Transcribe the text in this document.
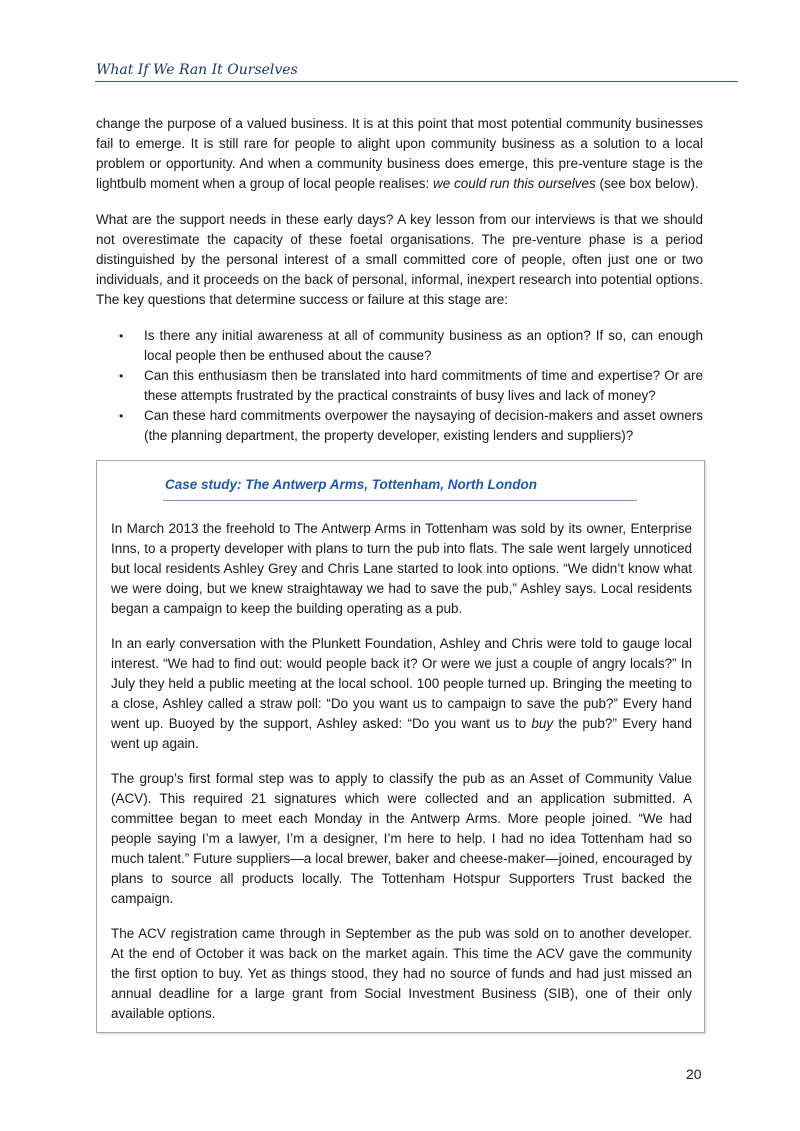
What If We Ran It Ourselves

change the purpose of a valued business. It is at this point that most potential community businesses fail to emerge. It is still rare for people to alight upon community business as a solution to a local problem or opportunity. And when a community business does emerge, this pre-venture stage is the lightbulb moment when a group of local people realises: we could run this ourselves (see box below).

What are the support needs in these early days? A key lesson from our interviews is that we should not overestimate the capacity of these foetal organisations. The pre-venture phase is a period distinguished by the personal interest of a small committed core of people, often just one or two individuals, and it proceeds on the back of personal, informal, inexpert research into potential options. The key questions that determine success or failure at this stage are:

• Is there any initial awareness at all of community business as an option? If so, can enough local people then be enthused about the cause?
• Can this enthusiasm then be translated into hard commitments of time and expertise? Or are these attempts frustrated by the practical constraints of busy lives and lack of money?
• Can these hard commitments overpower the naysaying of decision-makers and asset owners (the planning department, the property developer, existing lenders and suppliers)?
Case study: The Antwerp Arms, Tottenham, North London

In March 2013 the freehold to The Antwerp Arms in Tottenham was sold by its owner, Enterprise Inns, to a property developer with plans to turn the pub into flats. The sale went largely unnoticed but local residents Ashley Grey and Chris Lane started to look into options. “We didn’t know what we were doing, but we knew straightaway we had to save the pub,” Ashley says. Local residents began a campaign to keep the building operating as a pub.

In an early conversation with the Plunkett Foundation, Ashley and Chris were told to gauge local interest. “We had to find out: would people back it? Or were we just a couple of angry locals?” In July they held a public meeting at the local school. 100 people turned up. Bringing the meeting to a close, Ashley called a straw poll: “Do you want us to campaign to save the pub?” Every hand went up. Buoyed by the support, Ashley asked: “Do you want us to buy the pub?” Every hand went up again.

The group’s first formal step was to apply to classify the pub as an Asset of Community Value (ACV). This required 21 signatures which were collected and an application submitted. A committee began to meet each Monday in the Antwerp Arms. More people joined. “We had people saying I’m a lawyer, I’m a designer, I’m here to help. I had no idea Tottenham had so much talent.” Future suppliers—a local brewer, baker and cheese-maker—joined, encouraged by plans to source all products locally. The Tottenham Hotspur Supporters Trust backed the campaign.

The ACV registration came through in September as the pub was sold on to another developer. At the end of October it was back on the market again. This time the ACV gave the community the first option to buy. Yet as things stood, they had no source of funds and had just missed an annual deadline for a large grant from Social Investment Business (SIB), one of their only available options.

20
